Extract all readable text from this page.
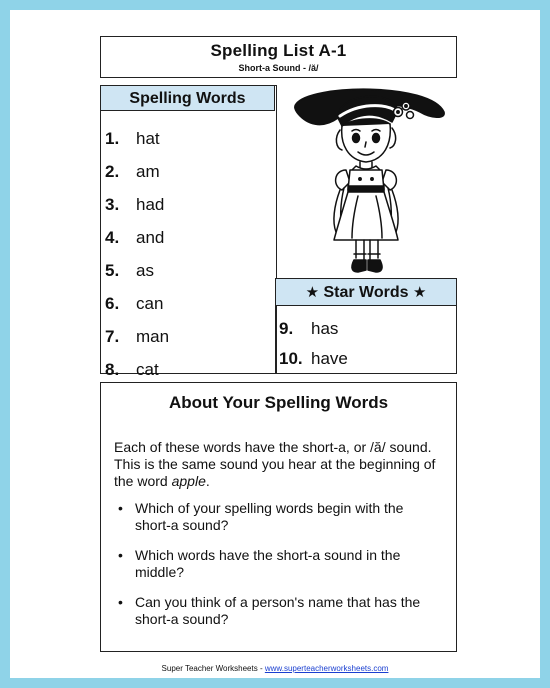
Spelling List A-1
Short-a Sound - /ă/
Spelling Words
1. hat
2. am
3. had
4. and
5. as
6. can
7. man
8. cat
★ Star Words ★
9. has
10. have
About Your Spelling Words

Each of these words have the short-a, or /ă/ sound. This is the same sound you hear at the beginning of the word apple.

• Which of your spelling words begin with the short-a sound?
• Which words have the short-a sound in the middle?
• Can you think of a person's name that has the short-a sound?
Super Teacher Worksheets - www.superteacherworksheets.com
